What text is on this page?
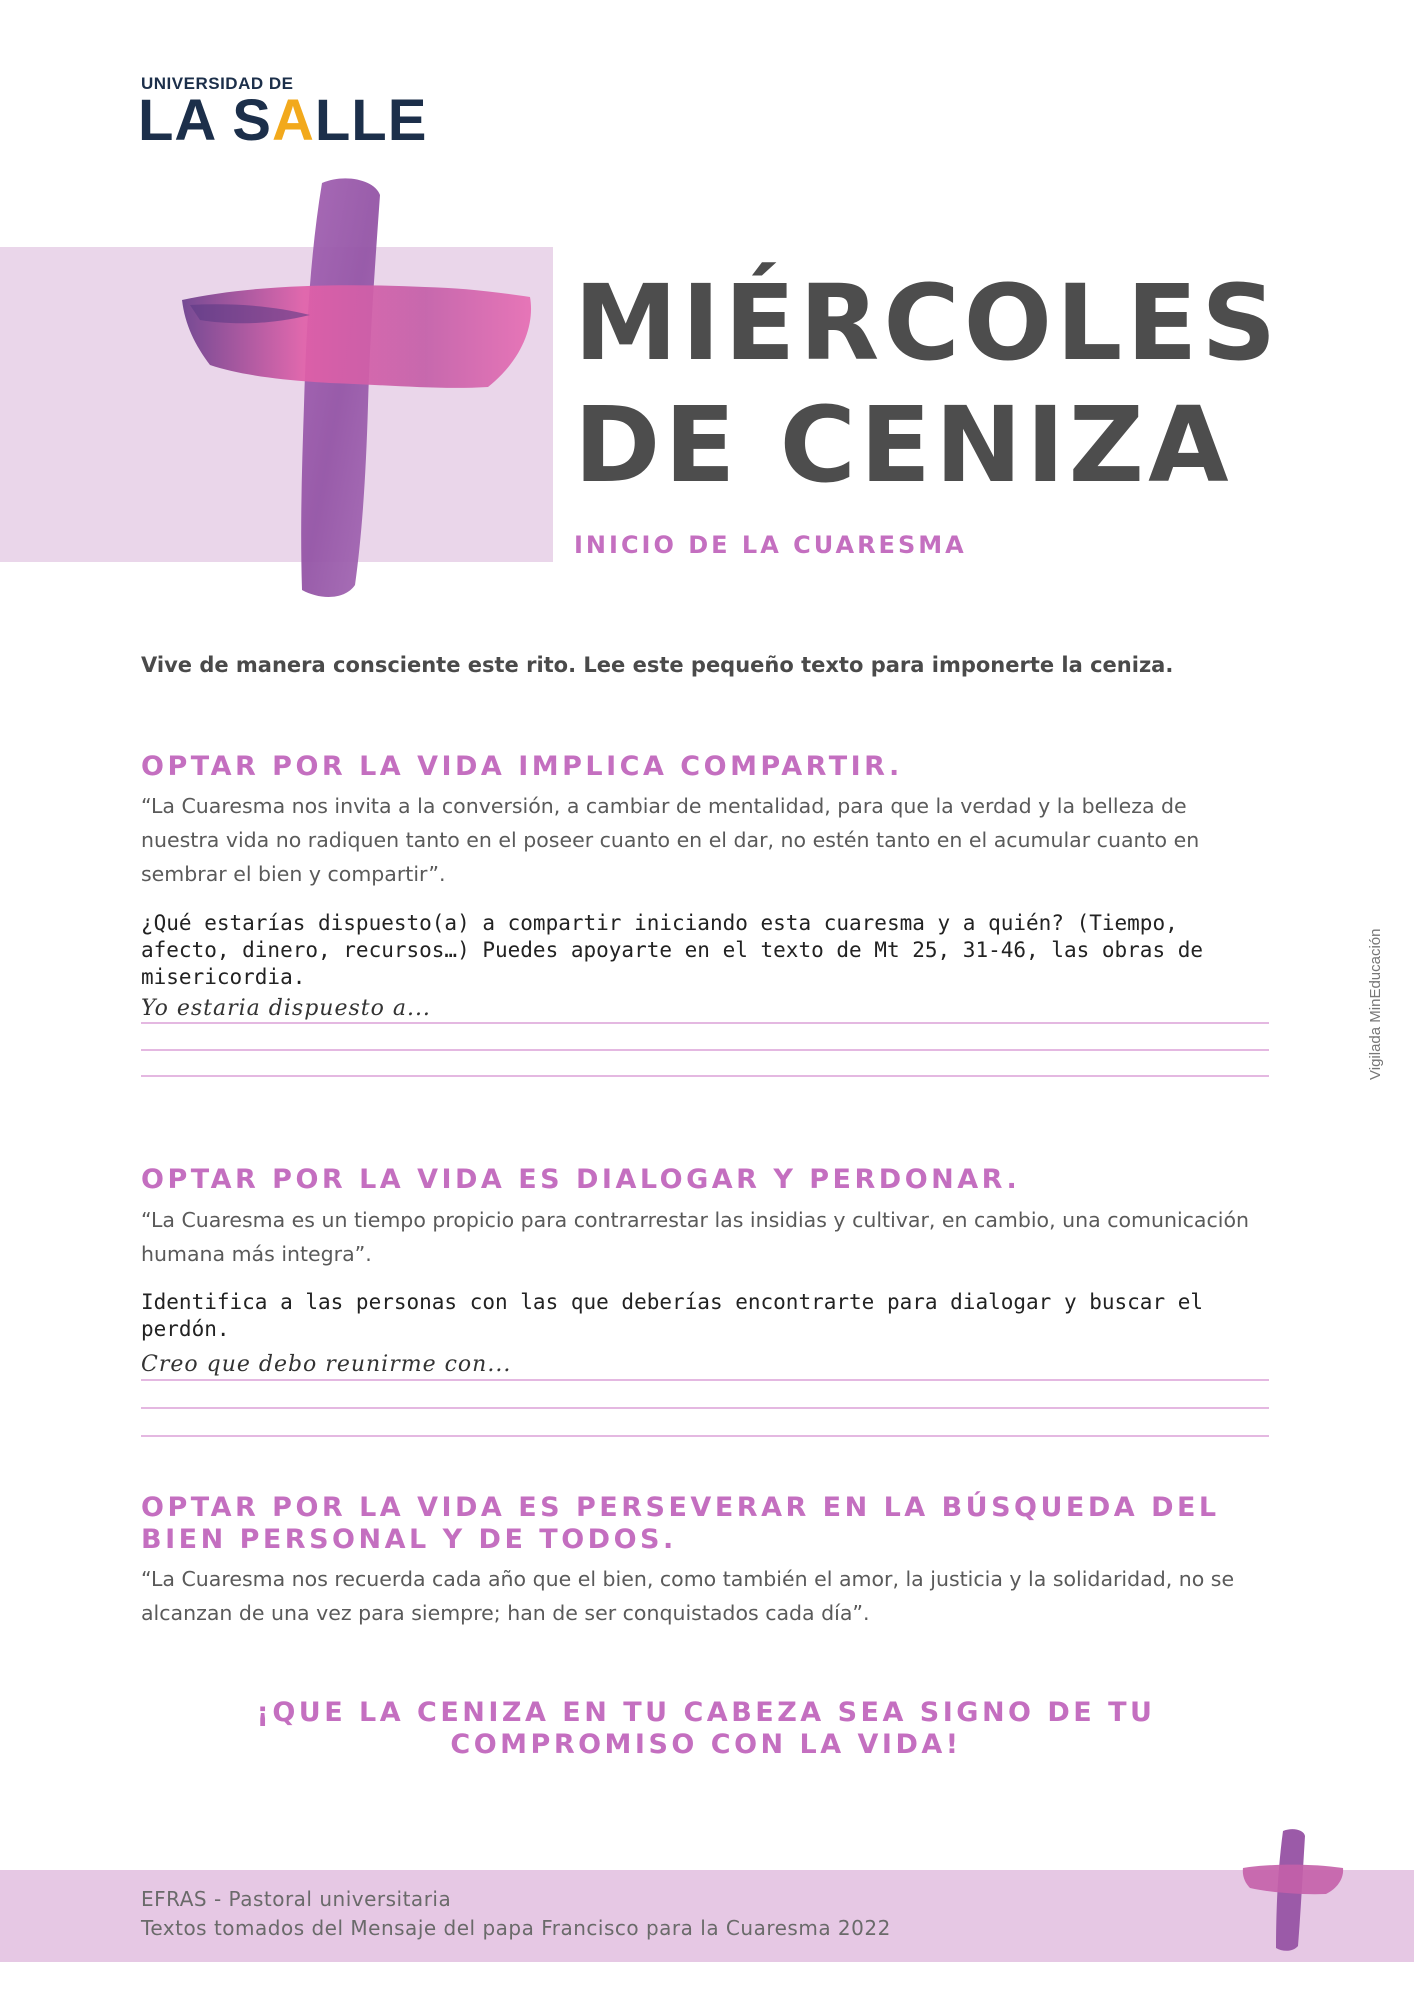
UNIVERSIDAD DE
LA SALLE
MIÉRCOLES
DE CENIZA
INICIO DE LA CUARESMA
Vive de manera consciente este rito. Lee este pequeño texto para imponerte la ceniza.
OPTAR POR LA VIDA IMPLICA COMPARTIR.
“La Cuaresma nos invita a la conversión, a cambiar de mentalidad, para que la verdad y la belleza de nuestra vida no radiquen tanto en el poseer cuanto en el dar, no estén tanto en el acumular cuanto en sembrar el bien y compartir”.
¿Qué estarías dispuesto(a) a compartir iniciando esta cuaresma y a quién? (Tiempo, afecto, dinero, recursos…) Puedes apoyarte en el texto de Mt 25, 31-46, las obras de misericordia.
Yo estaria dispuesto a...
OPTAR POR LA VIDA ES DIALOGAR Y PERDONAR.
“La Cuaresma es un tiempo propicio para contrarrestar las insidias y cultivar, en cambio, una comunicación humana más integra”.
Identifica a las personas con las que deberías encontrarte para dialogar y buscar el perdón.
Creo que debo reunirme con...
OPTAR POR LA VIDA ES PERSEVERAR EN LA BÚSQUEDA DEL BIEN PERSONAL Y DE TODOS.
“La Cuaresma nos recuerda cada año que el bien, como también el amor, la justicia y la solidaridad, no se alcanzan de una vez para siempre; han de ser conquistados cada día”.
¡QUE LA CENIZA EN TU CABEZA SEA SIGNO DE TU COMPROMISO CON LA VIDA!
EFRAS - Pastoral universitaria
Textos tomados del Mensaje del papa Francisco para la Cuaresma 2022
Vigilada MinEducación
